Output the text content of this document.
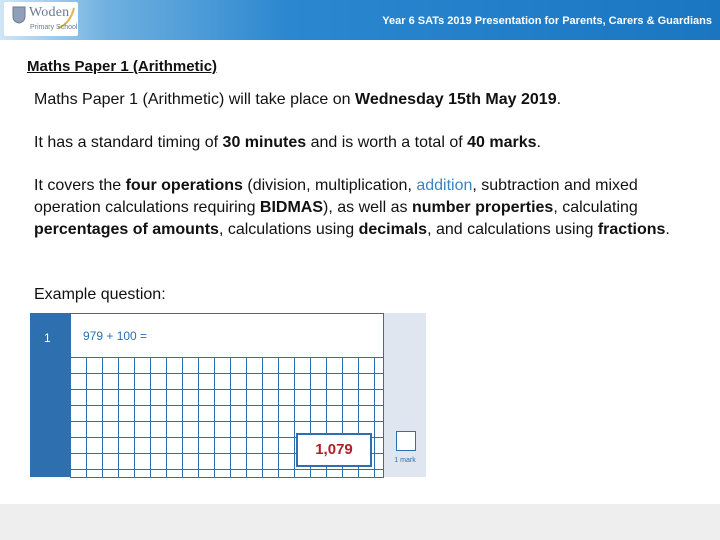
Woden
Primary School
Year 6 SATs 2019 Presentation for Parents, Carers & Guardians
Maths Paper 1 (Arithmetic)
Maths Paper 1 (Arithmetic) will take place on Wednesday 15th May 2019.
It has a standard timing of 30 minutes and is worth a total of 40 marks.
It covers the four operations (division, multiplication, addition, subtraction and mixed operation calculations requiring BIDMAS), as well as number properties, calculating percentages of amounts, calculations using decimals, and calculations using fractions.
Example question:
1	979 + 100 =
1,079
1 mark
